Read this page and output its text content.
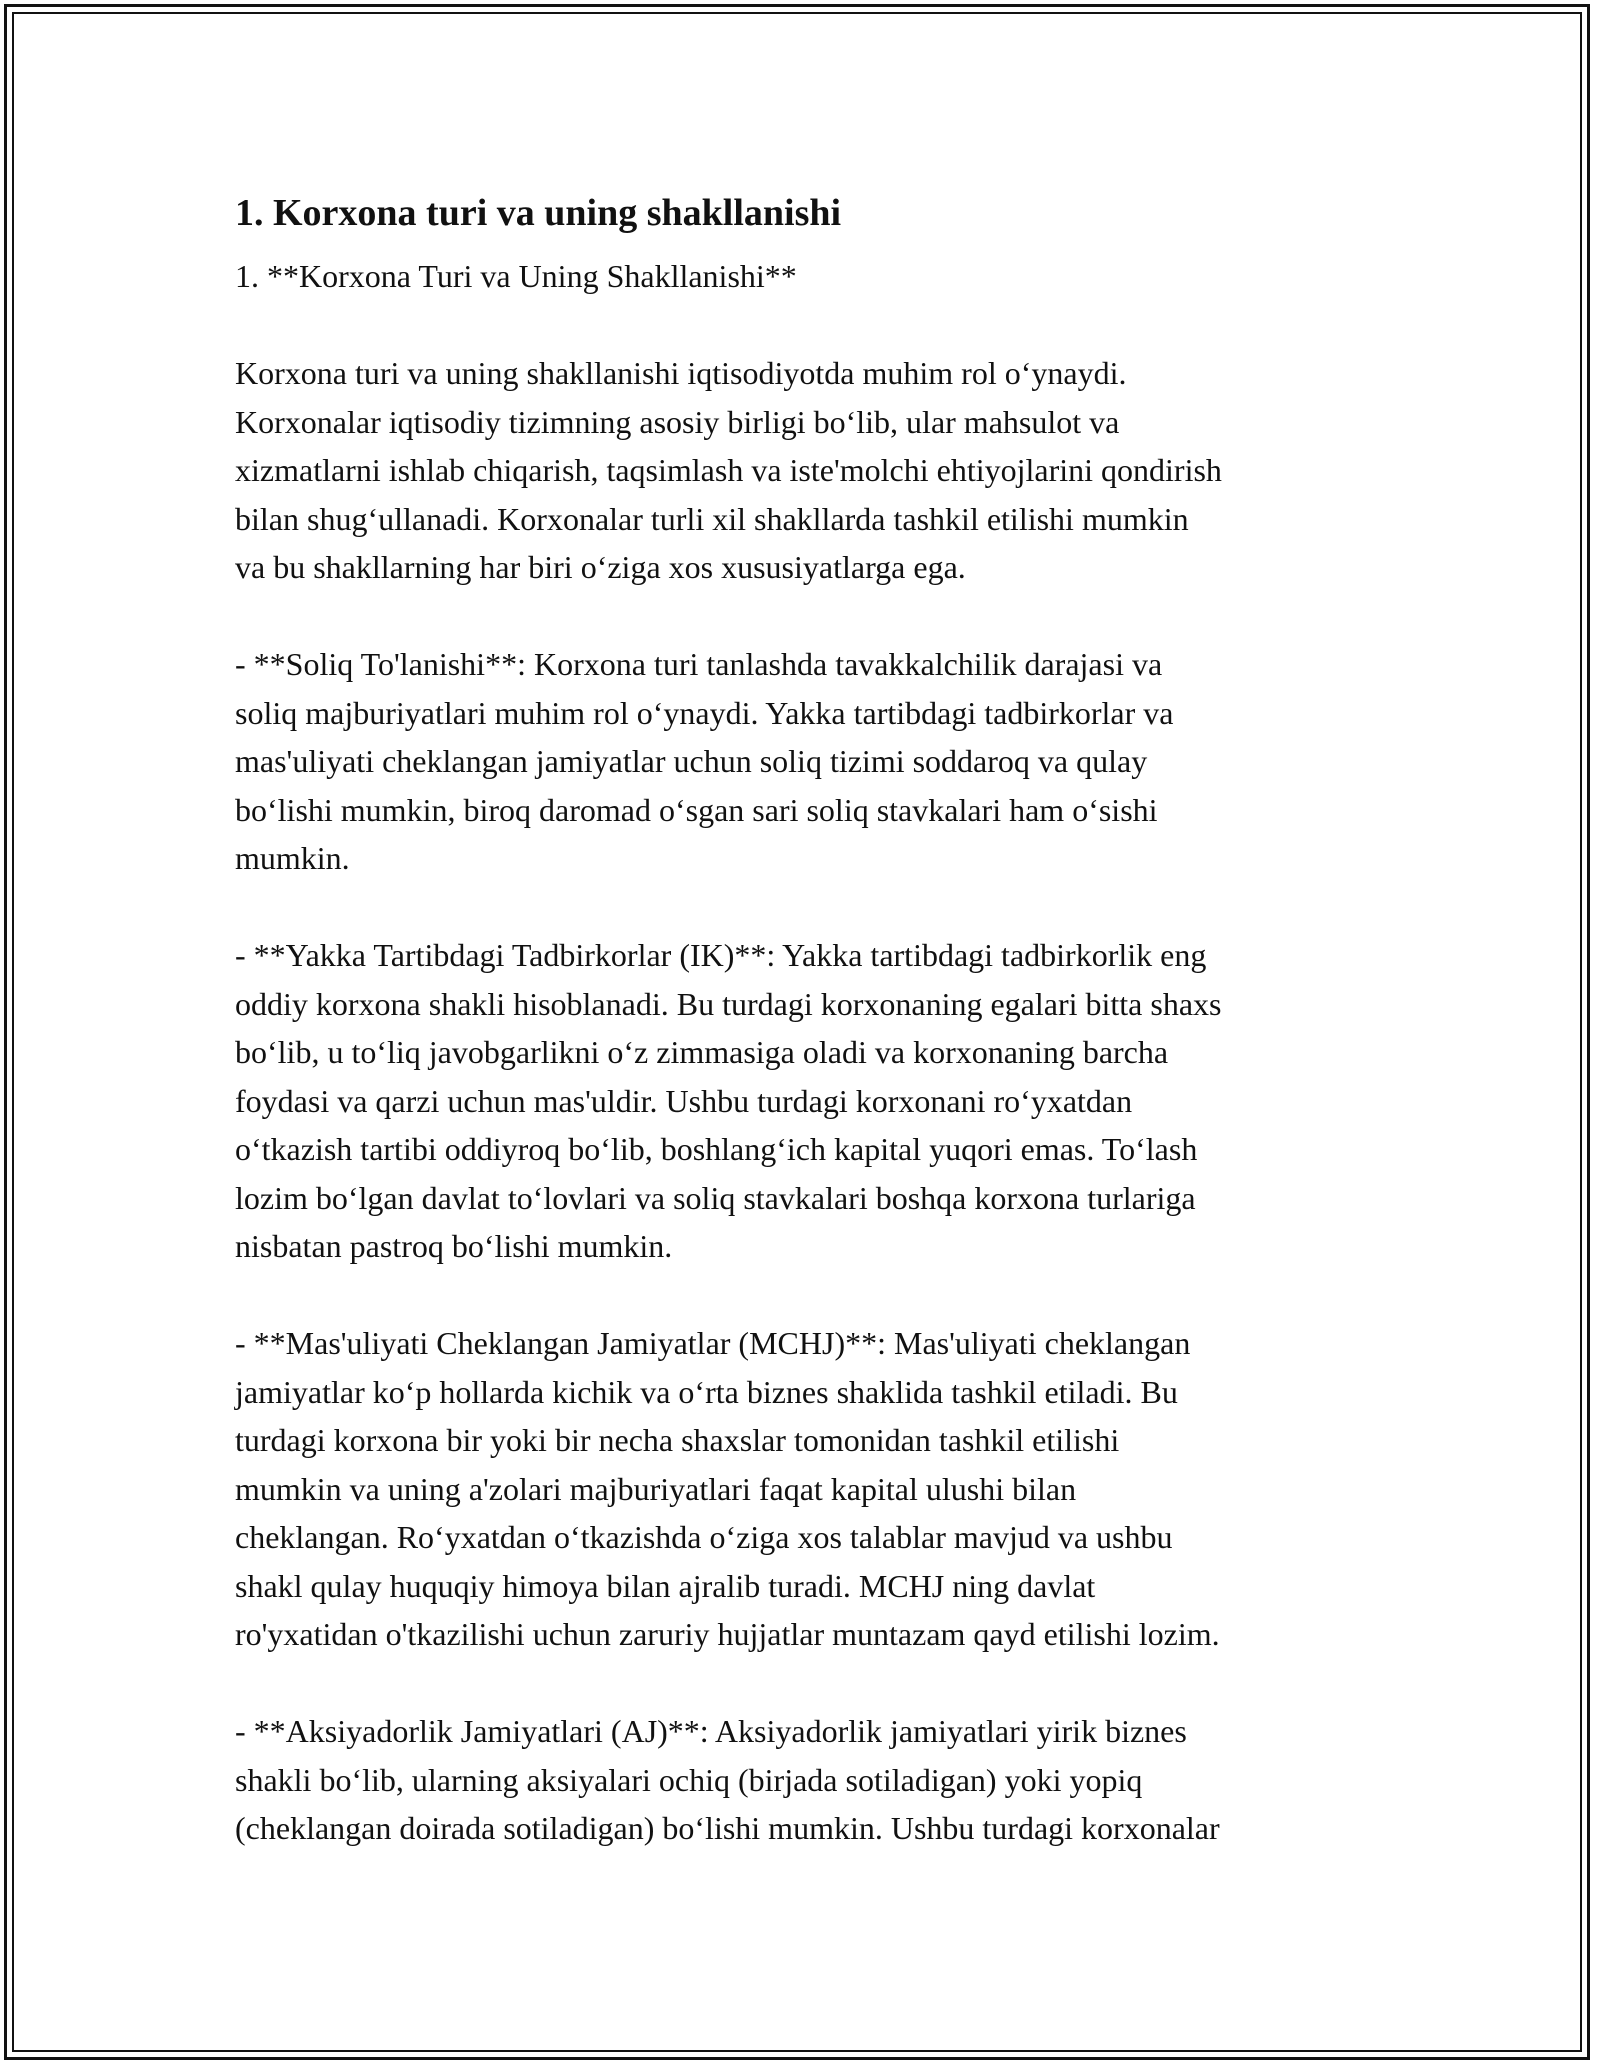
1. Korxona turi va uning shakllanishi
1. **Korxona Turi va Uning Shakllanishi**
Korxona turi va uning shakllanishi iqtisodiyotda muhim rol o‘ynaydi.
Korxonalar iqtisodiy tizimning asosiy birligi bo‘lib, ular mahsulot va
xizmatlarni ishlab chiqarish, taqsimlash va iste'molchi ehtiyojlarini qondirish
bilan shug‘ullanadi. Korxonalar turli xil shakllarda tashkil etilishi mumkin
va bu shakllarning har biri o‘ziga xos xususiyatlarga ega.
- **Soliq To'lanishi**: Korxona turi tanlashda tavakkalchilik darajasi va
soliq majburiyatlari muhim rol o‘ynaydi. Yakka tartibdagi tadbirkorlar va
mas'uliyati cheklangan jamiyatlar uchun soliq tizimi soddaroq va qulay
bo‘lishi mumkin, biroq daromad o‘sgan sari soliq stavkalari ham o‘sishi
mumkin.
- **Yakka Tartibdagi Tadbirkorlar (IK)**: Yakka tartibdagi tadbirkorlik eng
oddiy korxona shakli hisoblanadi. Bu turdagi korxonaning egalari bitta shaxs
bo‘lib, u to‘liq javobgarlikni o‘z zimmasiga oladi va korxonaning barcha
foydasi va qarzi uchun mas'uldir. Ushbu turdagi korxonani ro‘yxatdan
o‘tkazish tartibi oddiyroq bo‘lib, boshlang‘ich kapital yuqori emas. To‘lash
lozim bo‘lgan davlat to‘lovlari va soliq stavkalari boshqa korxona turlariga
nisbatan pastroq bo‘lishi mumkin.
- **Mas'uliyati Cheklangan Jamiyatlar (MCHJ)**: Mas'uliyati cheklangan
jamiyatlar ko‘p hollarda kichik va o‘rta biznes shaklida tashkil etiladi. Bu
turdagi korxona bir yoki bir necha shaxslar tomonidan tashkil etilishi
mumkin va uning a'zolari majburiyatlari faqat kapital ulushi bilan
cheklangan. Ro‘yxatdan o‘tkazishda o‘ziga xos talablar mavjud va ushbu
shakl qulay huquqiy himoya bilan ajralib turadi. MCHJ ning davlat
ro'yxatidan o'tkazilishi uchun zaruriy hujjatlar muntazam qayd etilishi lozim.
- **Aksiyadorlik Jamiyatlari (AJ)**: Aksiyadorlik jamiyatlari yirik biznes
shakli bo‘lib, ularning aksiyalari ochiq (birjada sotiladigan) yoki yopiq
(cheklangan doirada sotiladigan) bo‘lishi mumkin. Ushbu turdagi korxonalar
